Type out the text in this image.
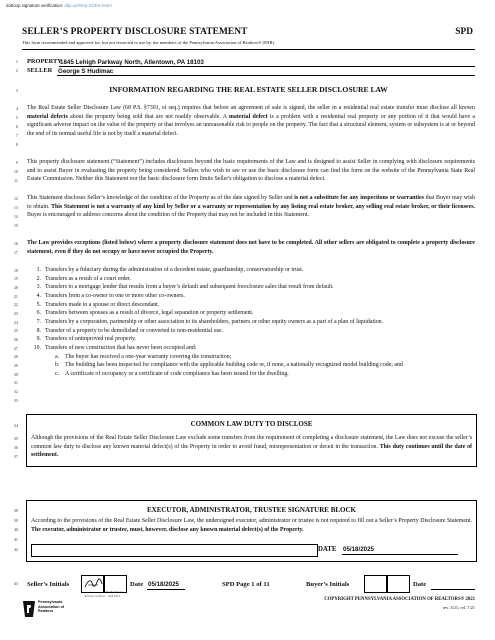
dotloop signature verification: dtlp.us/9S4j-ZGEK-M4iA
SELLER’S PROPERTY DISCLOSURE STATEMENT	SPD
This form recommended and approved for, but not restricted to use by, the members of the Pennsylvania Association of Realtors® (PAR).
1
2
3
4
5
6
7
8
9
10
11
12
13
14
15
16
17
18
19
20
21
22
23
24
25
26
27
28
29
30
31
32
33
34
35
36
37
38
39
40
41
42
43
PROPERTY
1845 Lehigh Parkway North, Allentown, PA 18103
SELLER George S Hudimac
INFORMATION REGARDING THE REAL ESTATE SELLER DISCLOSURE LAW
The Real Estate Seller Disclosure Law (68 P.S. §7301, et seq.) requires that before an agreement of sale is signed, the seller in a residential real estate transfer must disclose all known material defects about the property being sold that are not readily observable. A material defect is a problem with a residential real property or any portion of it that would have a significant adverse impact on the value of the property or that involves an unreasonable risk to people on the property. The fact that a structural element, system or subsystem is at or beyond the end of its normal useful life is not by itself a material defect.
This property disclosure statement (“Statement”) includes disclosures beyond the basic requirements of the Law and is designed to assist Seller in complying with disclosure requirements and to assist Buyer in evaluating the property being considered. Sellers who wish to see or use the basic disclosure form can find the form on the website of the Pennsylvania State Real Estate Commission. Neither this Statement nor the basic disclosure form limits Seller's obligation to disclose a material defect.
This Statement discloses Seller’s knowledge of the condition of the Property as of the date signed by Seller and is not a substitute for any inspections or warranties that Buyer may wish to obtain. This Statement is not a warranty of any kind by Seller or a warranty or representation by any listing real estate broker, any selling real estate broker, or their licensees. Buyer is encouraged to address concerns about the condition of the Property that may not be included in this Statement.
The Law provides exceptions (listed below) where a property disclosure statement does not have to be completed. All other sellers are obligated to complete a property disclosure statement, even if they do not occupy or have never occupied the Property.
1. Transfers by a fiduciary during the administration of a decedent estate, guardianship, conservatorship or trust.
2. Transfers as a result of a court order.
3. Transfers to a mortgage lender that results from a buyer’s default and subsequent foreclosure sales that result from default.
4. Transfers from a co-owner to one or more other co-owners.
5. Transfers made to a spouse or direct descendant.
6. Transfers between spouses as a result of divorce, legal separation or property settlement.
7. Transfers by a corporation, partnership or other association to its shareholders, partners or other equity owners as a part of a plan of liquidation.
8. Transfer of a property to be demolished or converted to non-residential use.
9. Transfers of unimproved real property.
10. Transfers of new construction that has never been occupied and:
a.	The buyer has received a one-year warranty covering the construction;
b. The building has been inspected for compliance with the applicable building code or, if none, a nationally recognized model building code; and
c.	A certificate of occupancy or a certificate of code compliance has been issued for the dwelling.
COMMON LAW DUTY TO DISCLOSE
Although the provisions of the Real Estate Seller Disclosure Law exclude some transfers from the requirement of completing a disclosure statement, the Law does not excuse the seller’s common law duty to disclose any known material defect(s) of the Property in order to avoid fraud, misrepresentation or deceit in the transaction. This duty continues until the date of settlement.
EXECUTOR, ADMINISTRATOR, TRUSTEE SIGNATURE BLOCK
According to the provisions of the Real Estate Seller Disclosure Law, the undersigned executor, administrator or trustee is not required to fill out a Seller’s Property Disclosure Statement. The executor, administrator or trustee, must, however, disclose any known material defect(s) of the Property.
DATE 05/18/2025
Seller’s Initials
05/18/25 9:17 AM EDT
dotloop verified
Date 05/18/2025	SPD Page 1 of 11	Buyer’s Initials	Date
Pennsylvania Association of Realtors
COPYRIGHT PENNSYLVANIA ASSOCIATION OF REALTORS® 2021
rev. 3/21; rel. 7/21
